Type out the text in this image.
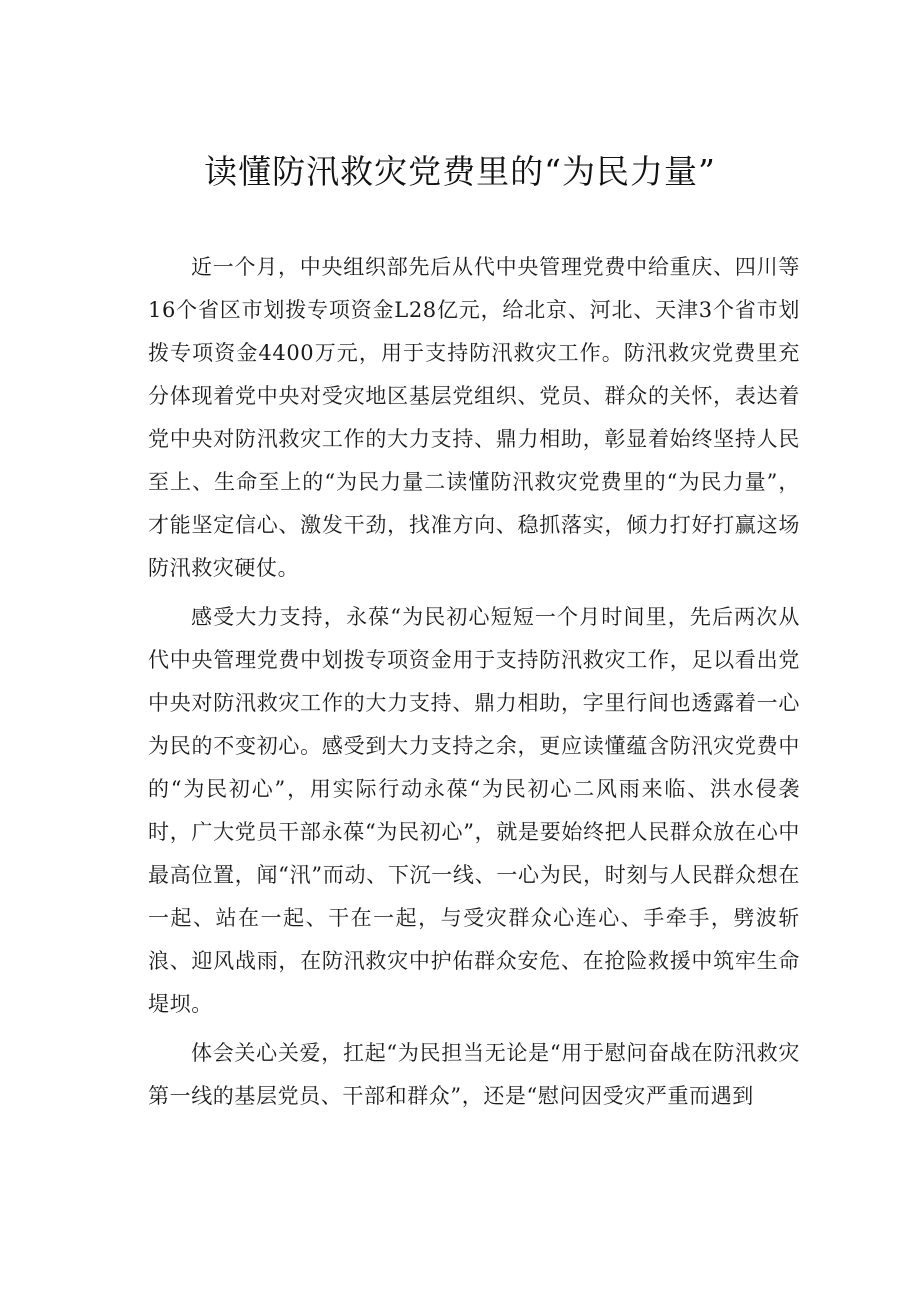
读懂防汛救灾党费里的“为民力量”

近一个月，中央组织部先后从代中央管理党费中给重庆、四川等16个省区市划拨专项资金L28亿元，给北京、河北、天津3个省市划拨专项资金4400万元，用于支持防汛救灾工作。防汛救灾党费里充分体现着党中央对受灾地区基层党组织、党员、群众的关怀，表达着党中央对防汛救灾工作的大力支持、鼎力相助，彰显着始终坚持人民至上、生命至上的“为民力量二读懂防汛救灾党费里的“为民力量”，才能坚定信心、激发干劲，找准方向、稳抓落实，倾力打好打赢这场防汛救灾硬仗。

感受大力支持，永葆“为民初心短短一个月时间里，先后两次从代中央管理党费中划拨专项资金用于支持防汛救灾工作，足以看出党中央对防汛救灾工作的大力支持、鼎力相助，字里行间也透露着一心为民的不变初心。感受到大力支持之余，更应读懂蕴含防汛灾党费中的“为民初心”，用实际行动永葆“为民初心二风雨来临、洪水侵袭时，广大党员干部永葆“为民初心”，就是要始终把人民群众放在心中最高位置，闻“汛”而动、下沉一线、一心为民，时刻与人民群众想在一起、站在一起、干在一起，与受灾群众心连心、手牵手，劈波斩浪、迎风战雨，在防汛救灾中护佑群众安危、在抢险救援中筑牢生命堤坝。

体会关心关爱，扛起“为民担当无论是“用于慰问奋战在防汛救灾第一线的基层党员、干部和群众”，还是“慰问因受灾严重而遇到
